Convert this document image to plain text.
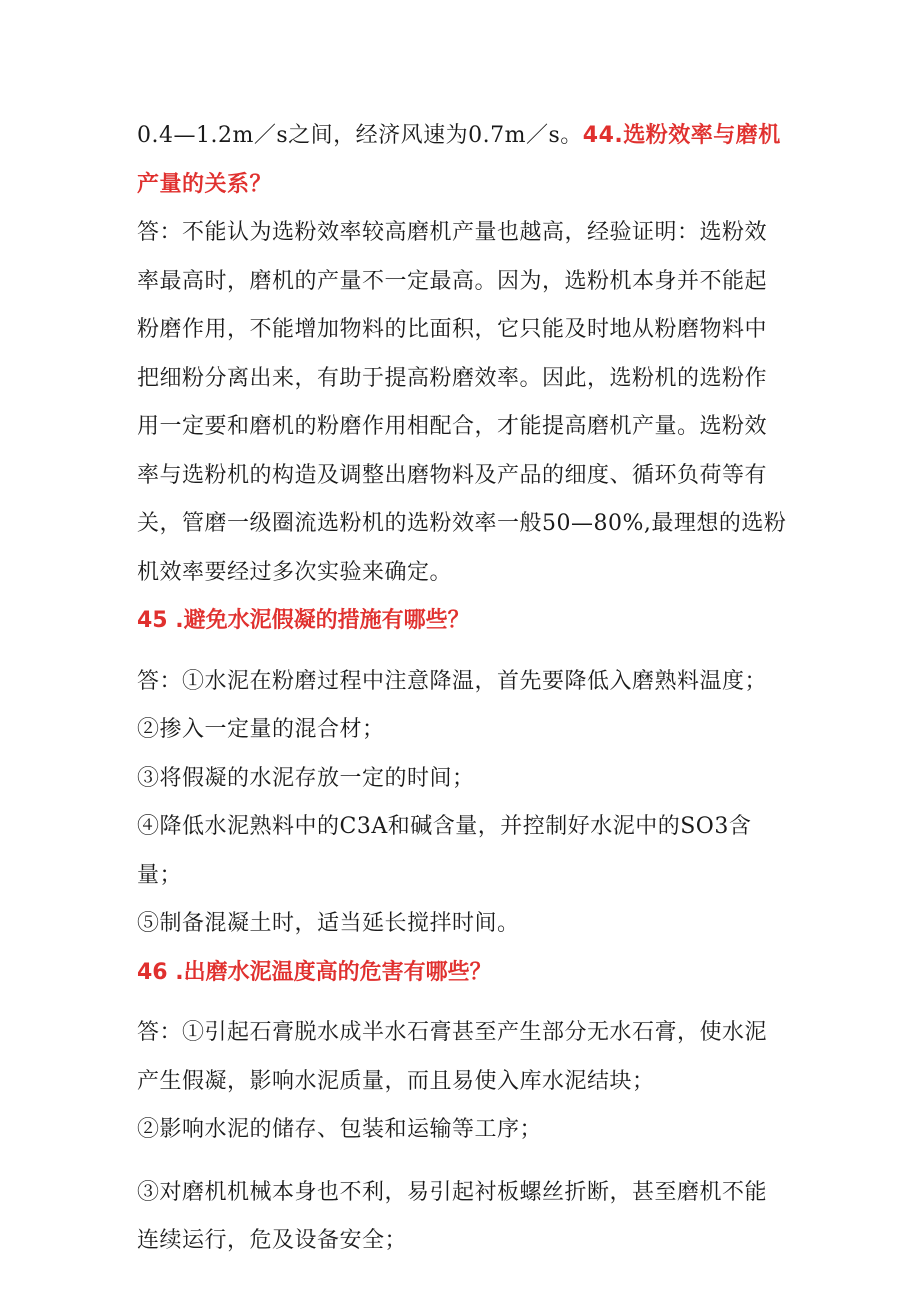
0.4—1.2m／s之间，经济风速为0.7m／s。44.选粉效率与磨机产量的关系？

答：不能认为选粉效率较高磨机产量也越高，经验证明：选粉效率最高时，磨机的产量不一定最高。因为，选粉机本身并不能起粉磨作用，不能增加物料的比面积，它只能及时地从粉磨物料中把细粉分离出来，有助于提高粉磨效率。因此，选粉机的选粉作用一定要和磨机的粉磨作用相配合，才能提高磨机产量。选粉效率与选粉机的构造及调整出磨物料及产品的细度、循环负荷等有关，管磨一级圈流选粉机的选粉效率一般50—80%,最理想的选粉机效率要经过多次实验来确定。

45 .避免水泥假凝的措施有哪些？

答：①水泥在粉磨过程中注意降温，首先要降低入磨熟料温度；

②掺入一定量的混合材；

③将假凝的水泥存放一定的时间；

④降低水泥熟料中的C3A和碱含量，并控制好水泥中的SO3含量；

⑤制备混凝土时，适当延长搅拌时间。

46 .出磨水泥温度高的危害有哪些？

答：①引起石膏脱水成半水石膏甚至产生部分无水石膏，使水泥产生假凝，影响水泥质量，而且易使入库水泥结块；

②影响水泥的储存、包装和运输等工序；

③对磨机机械本身也不利，易引起衬板螺丝折断，甚至磨机不能连续运行，危及设备安全；
